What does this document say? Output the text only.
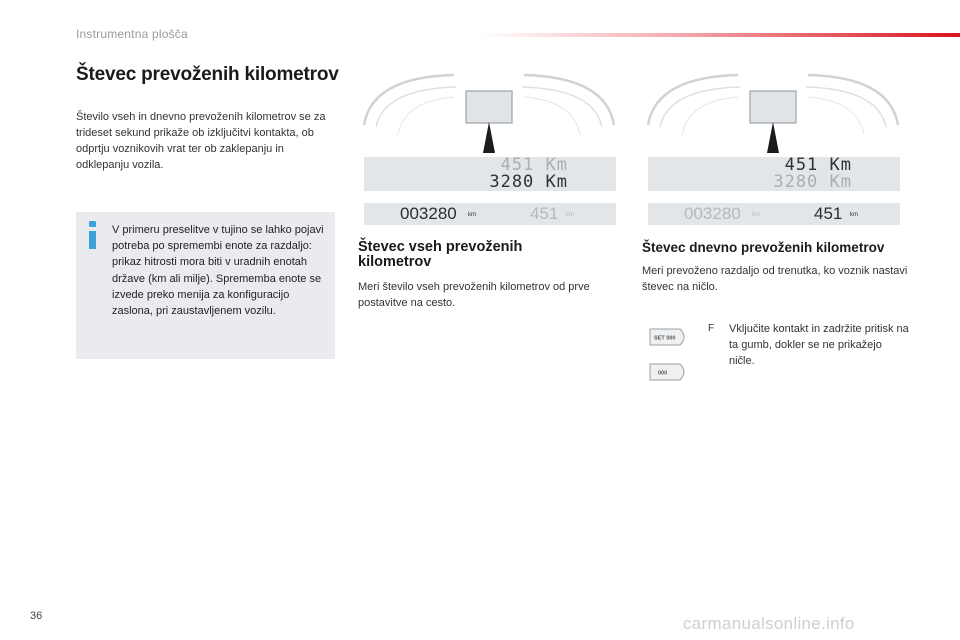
Instrumentna plošča
Števec prevoženih kilometrov

Število vseh in dnevno prevoženih kilometrov se za trideset sekund prikaže ob izključitvi kontakta, ob odprtju voznikovih vrat ter ob zaklepanju in odklepanju vozila.

V primeru preselitve v tujino se lahko pojavi potreba po spremembi enote za razdaljo: prikaz hitrosti mora biti v uradnih enotah države (km ali milje). Sprememba enote se izvede preko menija za konfiguracijo zaslona, pri zaustavljenem vozilu.

451 Km
3280 Km
003280 km	451 km
Števec vseh prevoženih kilometrov

Meri število vseh prevoženih kilometrov od prve postavitve na cesto.

451 Km
3280 Km
003280 km	451 km
Števec dnevno prevoženih kilometrov

Meri prevoženo razdaljo od trenutka, ko voznik nastavi števec na ničlo.

SET 000
000
F Vključite kontakt in zadržite pritisk na ta gumb, dokler se ne prikažejo ničle.

36	carmanualsonline.info
